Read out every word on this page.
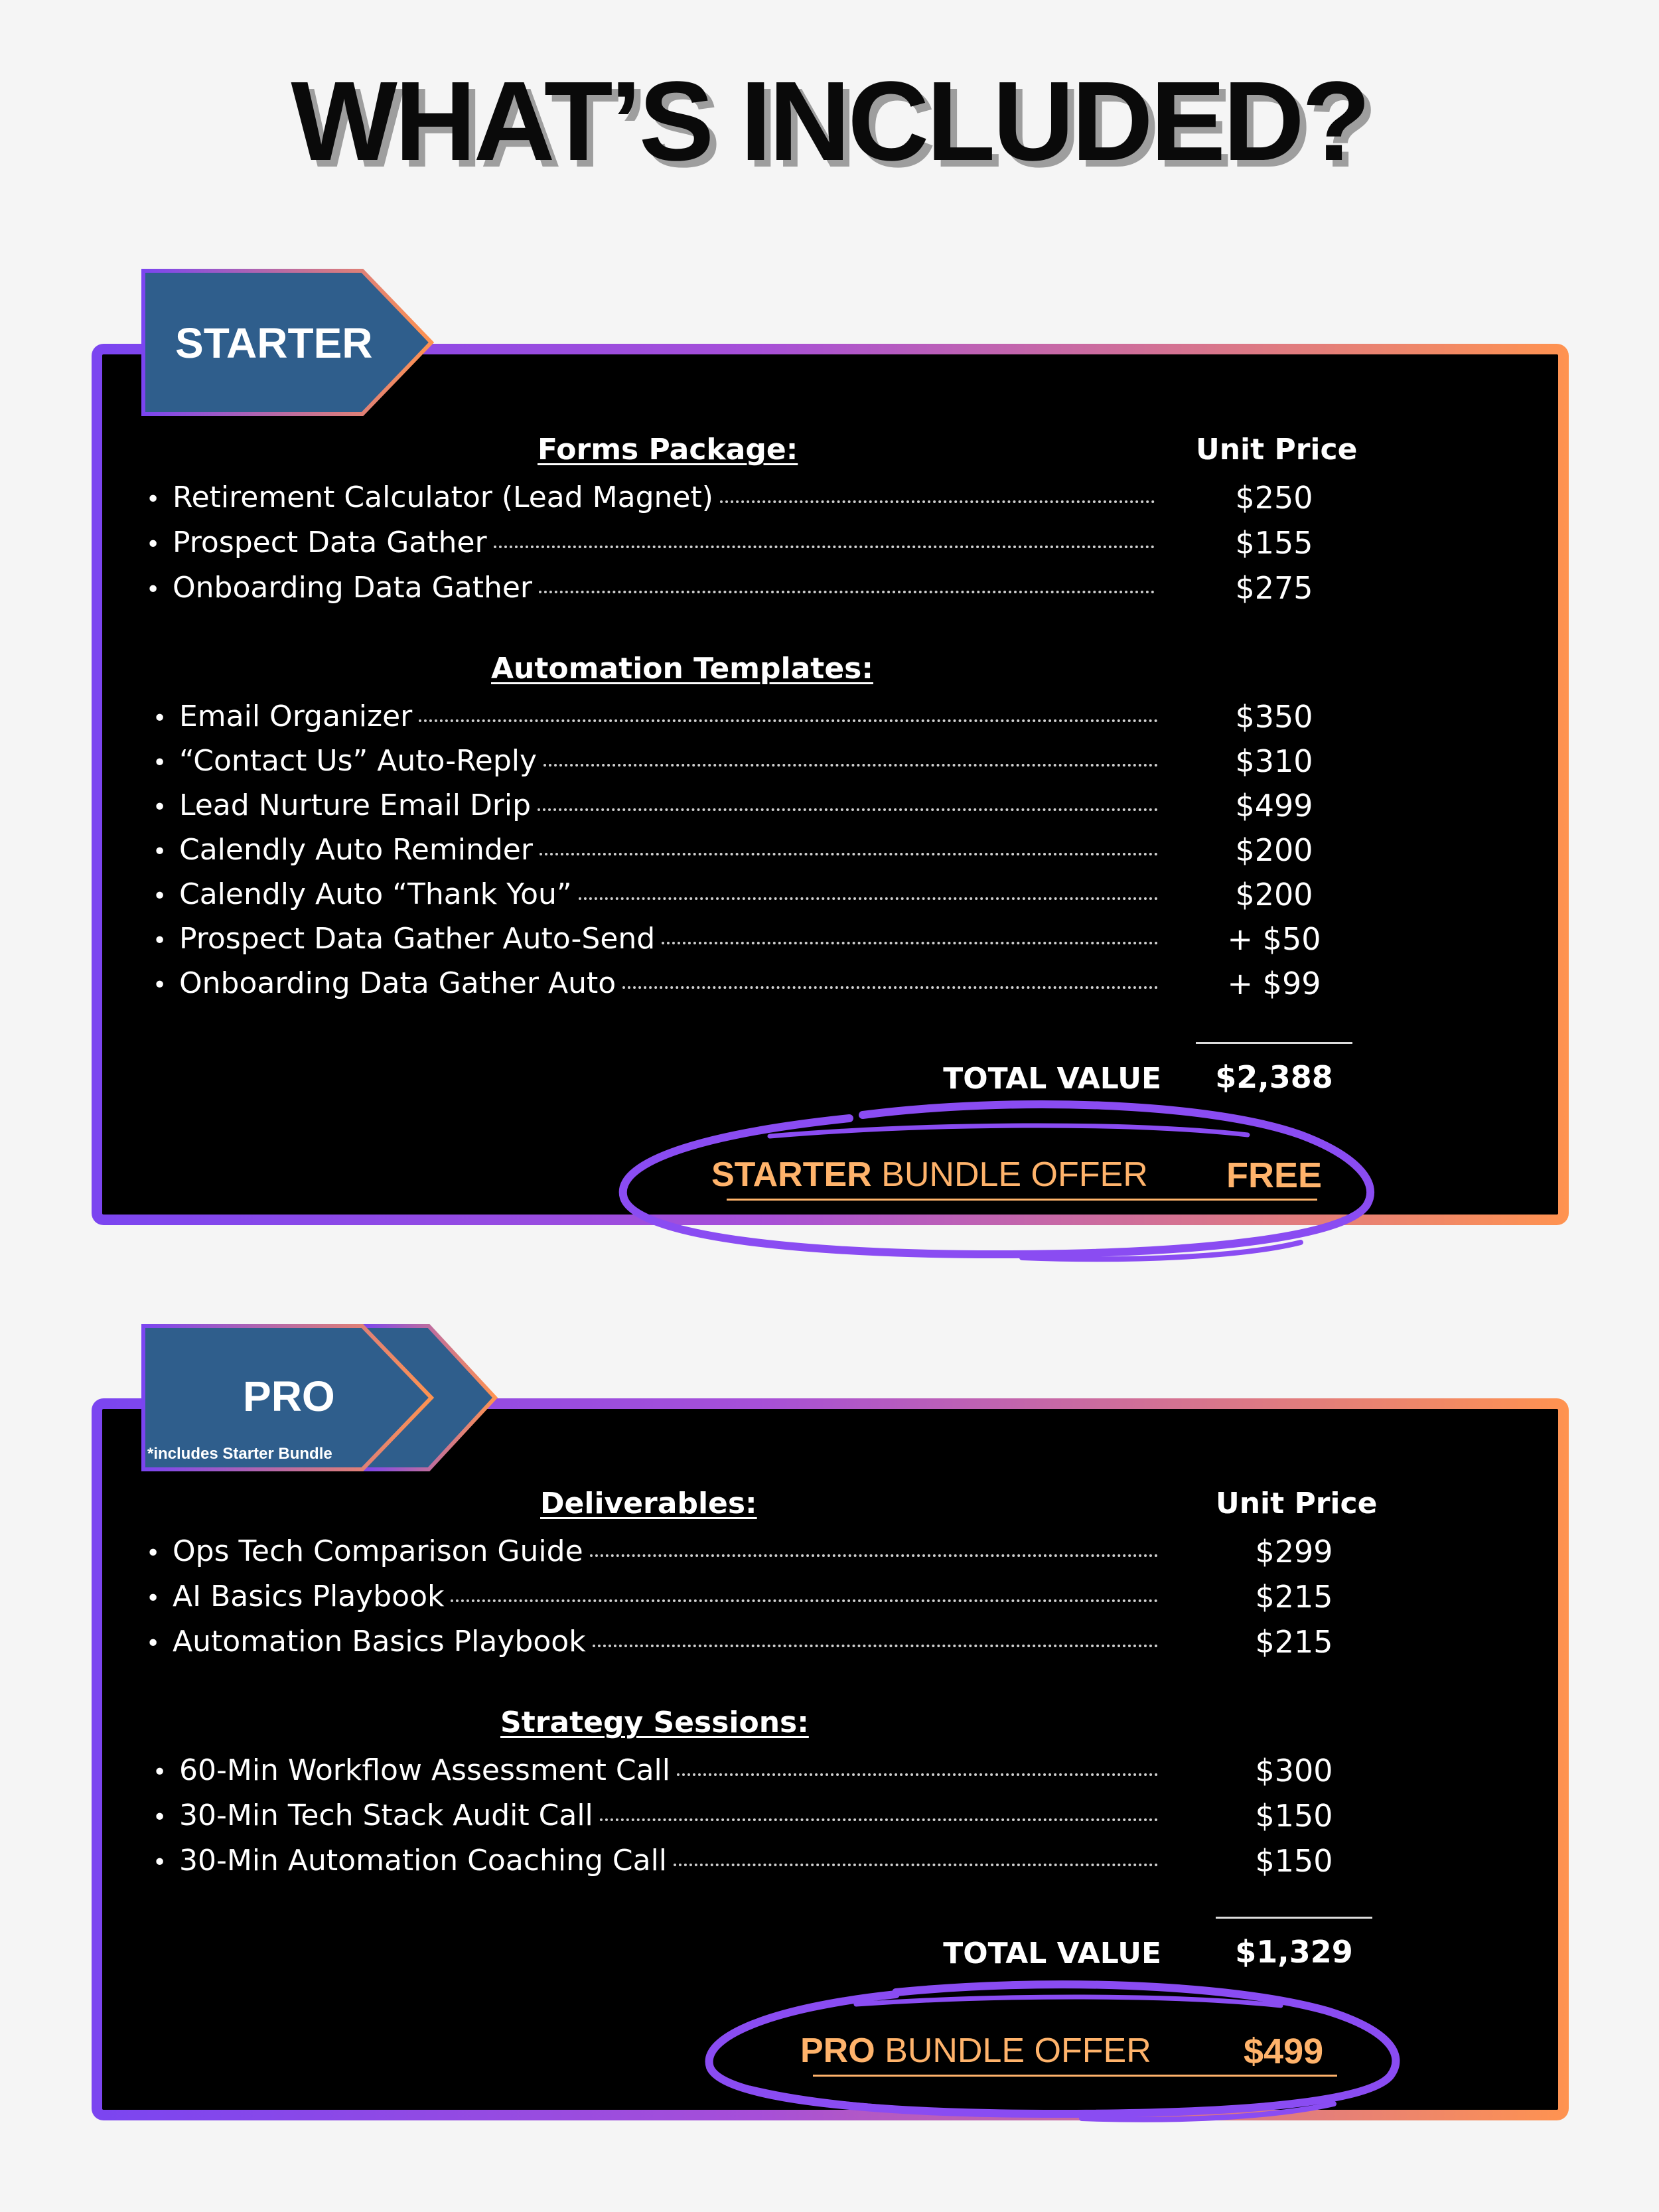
WHAT’S INCLUDED?
STARTER
Forms Package:	Unit Price
• Retirement Calculator (Lead Magnet)	$250
• Prospect Data Gather	$155
• Onboarding Data Gather	$275
Automation Templates:
• Email Organizer	$350
• “Contact Us” Auto-Reply	$310
• Lead Nurture Email Drip	$499
• Calendly Auto Reminder	$200
• Calendly Auto “Thank You”	$200
• Prospect Data Gather Auto-Send	+ $50
• Onboarding Data Gather Auto	+ $99
TOTAL VALUE	$2,388
STARTER BUNDLE OFFER FREE
PRO
*includes Starter Bundle
Deliverables:	Unit Price
• Ops Tech Comparison Guide	$299
• AI Basics Playbook	$215
• Automation Basics Playbook	$215
Strategy Sessions:
• 60-Min Workflow Assessment Call	$300
• 30-Min Tech Stack Audit Call	$150
• 30-Min Automation Coaching Call	$150
TOTAL VALUE	$1,329
PRO BUNDLE OFFER	$499
